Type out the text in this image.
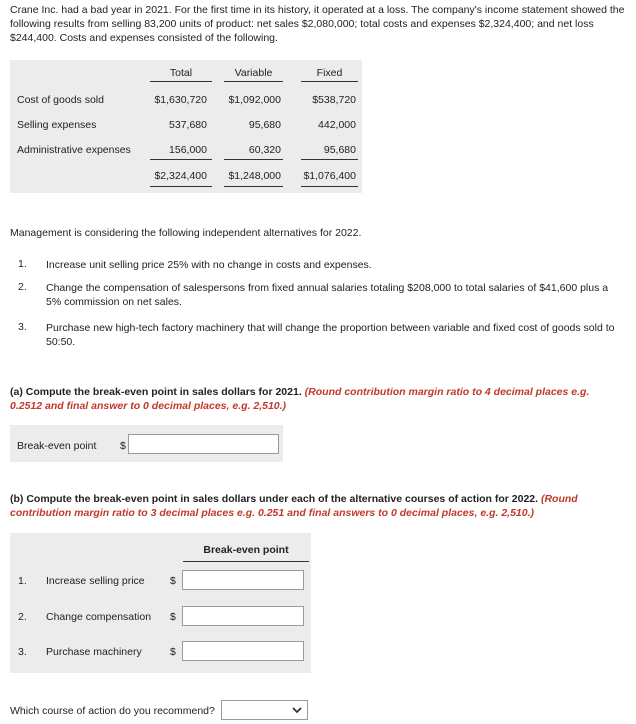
Crane Inc. had a bad year in 2021. For the first time in its history, it operated at a loss. The company's income statement showed the following results from selling 83,200 units of product: net sales $2,080,000; total costs and expenses $2,324,400; and net loss $244,400. Costs and expenses consisted of the following.
Total	Variable	Fixed
Cost of goods sold	$1,630,720	$1,092,000	$538,720
Selling expenses	537,680	95,680	442,000
Administrative expenses	156,000	60,320	95,680
$2,324,400	$1,248,000	$1,076,400
Management is considering the following independent alternatives for 2022.
1. Increase unit selling price 25% with no change in costs and expenses.
2. Change the compensation of salespersons from fixed annual salaries totaling $208,000 to total salaries of $41,600 plus a 5% commission on net sales.
3. Purchase new high-tech factory machinery that will change the proportion between variable and fixed cost of goods sold to 50:50.
(a) Compute the break-even point in sales dollars for 2021. (Round contribution margin ratio to 4 decimal places e.g. 0.2512 and final answer to 0 decimal places, e.g. 2,510.)
Break-even point $
(b) Compute the break-even point in sales dollars under each of the alternative courses of action for 2022. (Round contribution margin ratio to 3 decimal places e.g. 0.251 and final answers to 0 decimal places, e.g. 2,510.)
Break-even point
1. Increase selling price $
2. Change compensation $
3. Purchase machinery	$
Which course of action do you recommend?
